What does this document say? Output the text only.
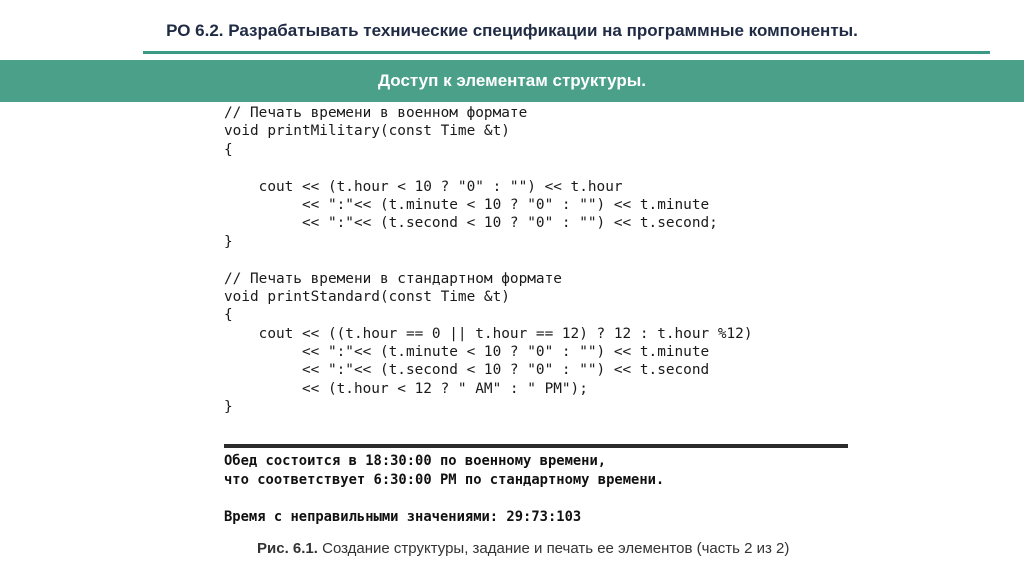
РО 6.2. Разрабатывать технические спецификации на программные компоненты.
Доступ к элементам структуры.
// Печать времени в военном формате
void printMilitary(const Time &t)
{
cout << (t.hour < 10 ? "0" : "") << t.hour
<< ":"<< (t.minute < 10 ? "0" : "") << t.minute
<< ":"<< (t.second < 10 ? "0" : "") << t.second;
}
// Печать времени в стандартном формате
void printStandard(const Time &t)
{
cout << ((t.hour == 0 || t.hour == 12) ? 12 : t.hour %12)
<< ":"<< (t.minute < 10 ? "0" : "") << t.minute
<< ":"<< (t.second < 10 ? "0" : "") << t.second
<< (t.hour < 12 ? " AM" : " PM");
}
Обед состоится в 18:30:00 по военному времени,
что соответствует 6:30:00 PM по стандартному времени.
Время с неправильными значениями: 29:73:103
Рис. 6.1. Создание структуры, задание и печать ее элементов (часть 2 из 2)
